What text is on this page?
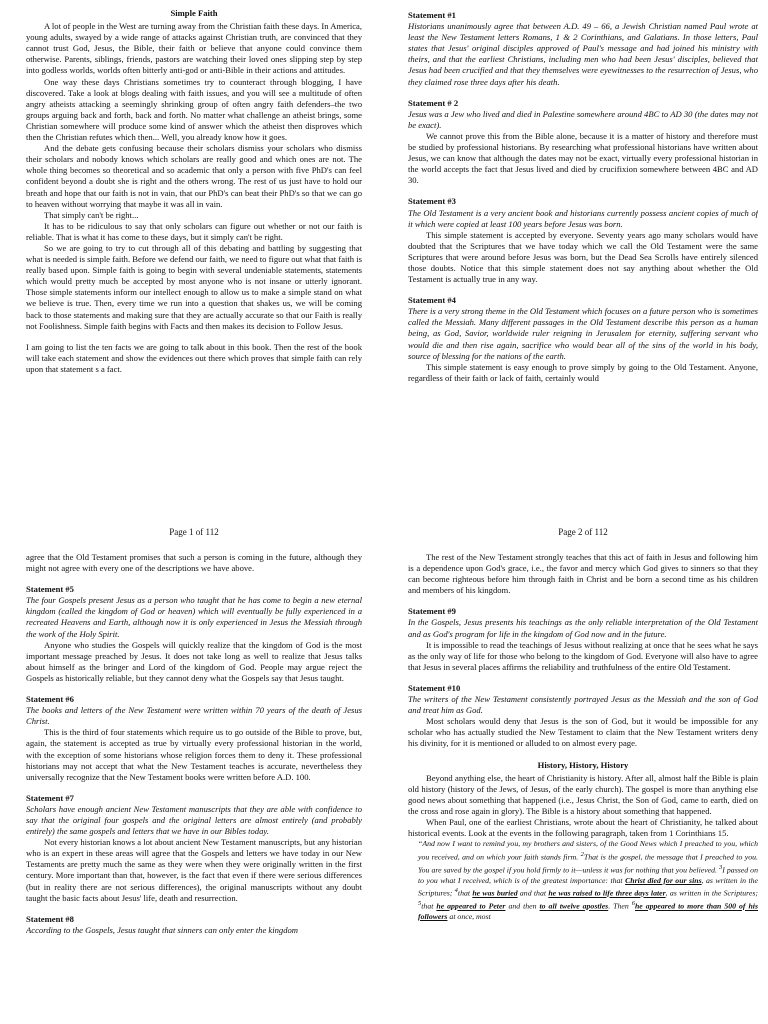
Simple Faith

A lot of people in the West are turning away from the Christian faith these days. In America, young adults, swayed by a wide range of attacks against Christian truth, are convinced that they cannot trust God, Jesus, the Bible, their faith or believe that anyone could convince them otherwise. Parents, siblings, friends, pastors are watching their loved ones slipping step by step into godless worlds, worlds often bitterly anti-god or anti-Bible in their actions and attitudes.

One way these days Christians sometimes try to counteract through blogging, I have discovered. Take a look at blogs dealing with faith issues, and you will see a multitude of often angry atheists attacking a seemingly shrinking group of often angry faith defenders–the two groups arguing back and forth, back and forth. No matter what challenge an atheist brings, some Christian somewhere will produce some kind of answer which the atheist then disproves which then the Christian refutes which then... Well, you already know how it goes.

And the debate gets confusing because their scholars dismiss your scholars who dismiss their scholars and nobody knows which scholars are really good and which ones are not. The whole thing becomes so theoretical and so academic that only a person with five PhD's can feel confident beyond a doubt she is right and the others wrong. The rest of us just have to hold our breath and hope that our faith is not in vain, that our PhD's can beat their PhD's so that we can go to heaven without worrying that maybe it was all in vain.

That simply can't be right...

It has to be ridiculous to say that only scholars can figure out whether or not our faith is reliable. That is what it has come to these days, but it simply can't be right.

So we are going to try to cut through all of this debating and battling by suggesting that what is needed is simple faith. Before we defend our faith, we need to figure out what that faith is really based upon. Simple faith is going to begin with several undeniable statements, statements which would pretty much be accepted by most anyone who is not insane or utterly ignorant. Those simple statements inform our intellect enough to allow us to make a simple stand on what we believe is true. Then, every time we run into a question that shakes us, we will be coming back to those statements and making sure that they are actually accurate so that our Faith is really not Foolishness. Simple faith begins with Facts and then makes its decision to Follow Jesus.

I am going to list the ten facts we are going to talk about in this book. Then the rest of the book will take each statement and show the evidences out there which proves that simple faith can rely upon that statement s a fact.

Page 1 of 112

Statement #1

Historians unanimously agree that between A.D. 49 – 66, a Jewish Christian named Paul wrote at least the New Testament letters Romans, 1 & 2 Corinthians, and Galatians. In those letters, Paul states that Jesus' original disciples approved of Paul's message and had joined his ministry with theirs, and that the earliest Christians, including men who had been Jesus' disciples, believed that Jesus had been crucified and that they themselves were eyewitnesses to the resurrection of Jesus, who they claimed rose three days after his death.

Statement # 2

Jesus was a Jew who lived and died in Palestine somewhere around 4BC to AD 30 (the dates may not be exact).

We cannot prove this from the Bible alone, because it is a matter of history and therefore must be studied by professional historians. By researching what professional historians have written about Jesus, we can know that although the dates may not be exact, virtually every professional historian in the world accepts the fact that Jesus lived and died by crucifixion somewhere between 4BC and AD 30.

Statement #3

The Old Testament is a very ancient book and historians currently possess ancient copies of much of it which were copied at least 100 years before Jesus was born.

This simple statement is accepted by everyone. Seventy years ago many scholars would have doubted that the Scriptures that we have today which we call the Old Testament were the same Scriptures that were around before Jesus was born, but the Dead Sea Scrolls have entirely silenced those doubts. Notice that this simple statement does not say anything about whether the Old Testament is actually true in any way.

Statement #4

There is a very strong theme in the Old Testament which focuses on a future person who is sometimes called the Messiah. Many different passages in the Old Testament describe this person as a human being, as God, Savior, worldwide ruler reigning in Jerusalem for eternity, suffering servant who would die and then rise again, sacrifice who would bear all of the sins of the world in his body, source of blessing for the nations of the earth.

This simple statement is easy enough to prove simply by going to the Old Testament. Anyone, regardless of their faith or lack of faith, certainly would

Page 2 of 112

agree that the Old Testament promises that such a person is coming in the future, although they might not agree with every one of the descriptions we have above.

Statement #5

The four Gospels present Jesus as a person who taught that he has come to begin a new eternal kingdom (called the kingdom of God or heaven) which will eventually be fully experienced in a recreated Heavens and Earth, although now it is only experienced in Jesus the Messiah through the work of the Holy Spirit.

Anyone who studies the Gospels will quickly realize that the kingdom of God is the most important message preached by Jesus. It does not take long as well to realize that Jesus talks about himself as the bringer and Lord of the kingdom of God. People may argue reject the Gospels as historically reliable, but they cannot deny what the Gospels say that Jesus taught.

Statement #6

The books and letters of the New Testament were written within 70 years of the death of Jesus Christ.

This is the third of four statements which require us to go outside of the Bible to prove, but, again, the statement is accepted as true by virtually every professional historian in the world, with the exception of some historians whose religion forces them to deny it. These professional historians may not accept that what the New Testament teaches is accurate, nevertheless they universally recognize that the New Testament books were written before A.D. 100.

Statement #7

Scholars have enough ancient New Testament manuscripts that they are able with confidence to say that the original four gospels and the original letters are almost entirely (and probably entirely) the same gospels and letters that we have in our Bibles today.

Not every historian knows a lot about ancient New Testament manuscripts, but any historian who is an expert in these areas will agree that the Gospels and letters we have today in our New Testaments are pretty much the same as they were when they were originally written in the first century. More important than that, however, is the fact that even if there were serious differences (but in reality there are not serious differences), the original manuscripts without any doubt taught the basic facts about Jesus' life, death and resurrection.

Statement #8

According to the Gospels, Jesus taught that sinners can only enter the kingdom

The rest of the New Testament strongly teaches that this act of faith in Jesus and following him is a dependence upon God's grace, i.e., the favor and mercy which God gives to sinners so that they can become righteous before him through faith in Christ and be born a second time as his children and members of his kingdom.

Statement #9

In the Gospels, Jesus presents his teachings as the only reliable interpretation of the Old Testament and as God's program for life in the kingdom of God now and in the future.

It is impossible to read the teachings of Jesus without realizing at once that he sees what he says as the only way of life for those who belong to the kingdom of God. Everyone will also have to agree that Jesus in several places affirms the reliability and truthfulness of the entire Old Testament.

Statement #10

The writers of the New Testament consistently portrayed Jesus as the Messiah and the son of God and treat him as God.

Most scholars would deny that Jesus is the son of God, but it would be impossible for any scholar who has actually studied the New Testament to claim that the New Testament writers deny his divinity, for it is mentioned or alluded to on almost every page.

History, History, History

Beyond anything else, the heart of Christianity is history. After all, almost half the Bible is plain old history (history of the Jews, of Jesus, of the early church). The gospel is more than anything else good news about something that happened (i.e., Jesus Christ, the Son of God, came to earth, died on the cross and rose again in glory). The Bible is a history about something that happened.

When Paul, one of the earliest Christians, wrote about the heart of Christianity, he talked about historical events. Look at the events in the following paragraph, taken from 1 Corinthians 15.

“And now I want to remind you, my brothers and sisters, of the Good News which I preached to you, which you received, and on which your faith stands firm. $^2$That is the gospel, the message that I preached to you. You are saved by the gospel if you hold firmly to it—unless it was for nothing that you believed. $^3$I passed on to you what I received, which is of the greatest importance: that Christ died for our sins, as written in the Scriptures; $^4$that he was buried and that he was raised to life three days later, as written in the Scriptures; $^5$that he appeared to Peter and then to all twelve apostles. Then $^6$he appeared to more than 500 of his followers at once, most
